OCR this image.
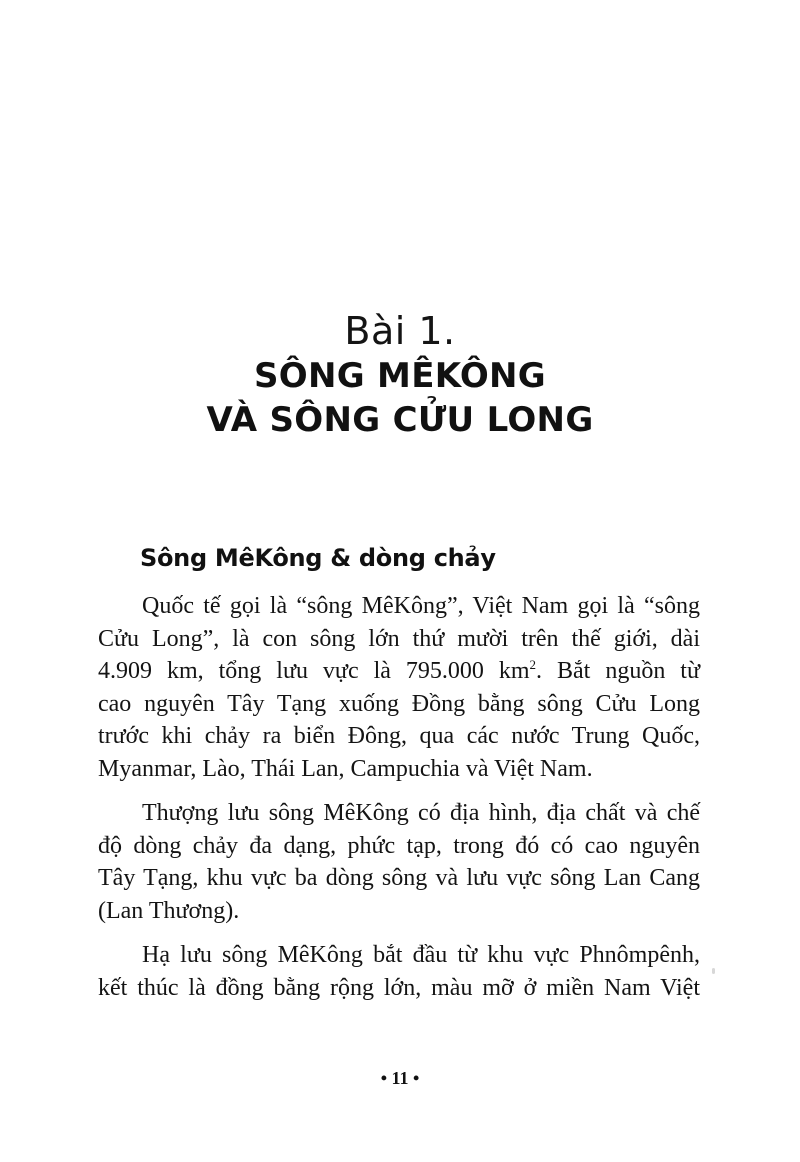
Bài 1.
SÔNG MÊKÔNG
VÀ SÔNG CỬU LONG
Sông MêKông & dòng chảy
Quốc tế gọi là “sông MêKông”, Việt Nam gọi là “sông
Cửu Long”, là con sông lớn thứ mười trên thế giới, dài
4.909 km, tổng lưu vực là 795.000 $km^2$. Bắt nguồn từ
cao nguyên Tây Tạng xuống Đồng bằng sông Cửu Long
trước khi chảy ra biển Đông, qua các nước Trung Quốc,
Myanmar, Lào, Thái Lan, Campuchia và Việt Nam.
Thượng lưu sông MêKông có địa hình, địa chất và chế
độ dòng chảy đa dạng, phức tạp, trong đó có cao nguyên
Tây Tạng, khu vực ba dòng sông và lưu vực sông Lan Cang
(Lan Thương).
Hạ lưu sông MêKông bắt đầu từ khu vực Phnômpênh,
kết thúc là đồng bằng rộng lớn, màu mỡ ở miền Nam Việt
• 11 •
